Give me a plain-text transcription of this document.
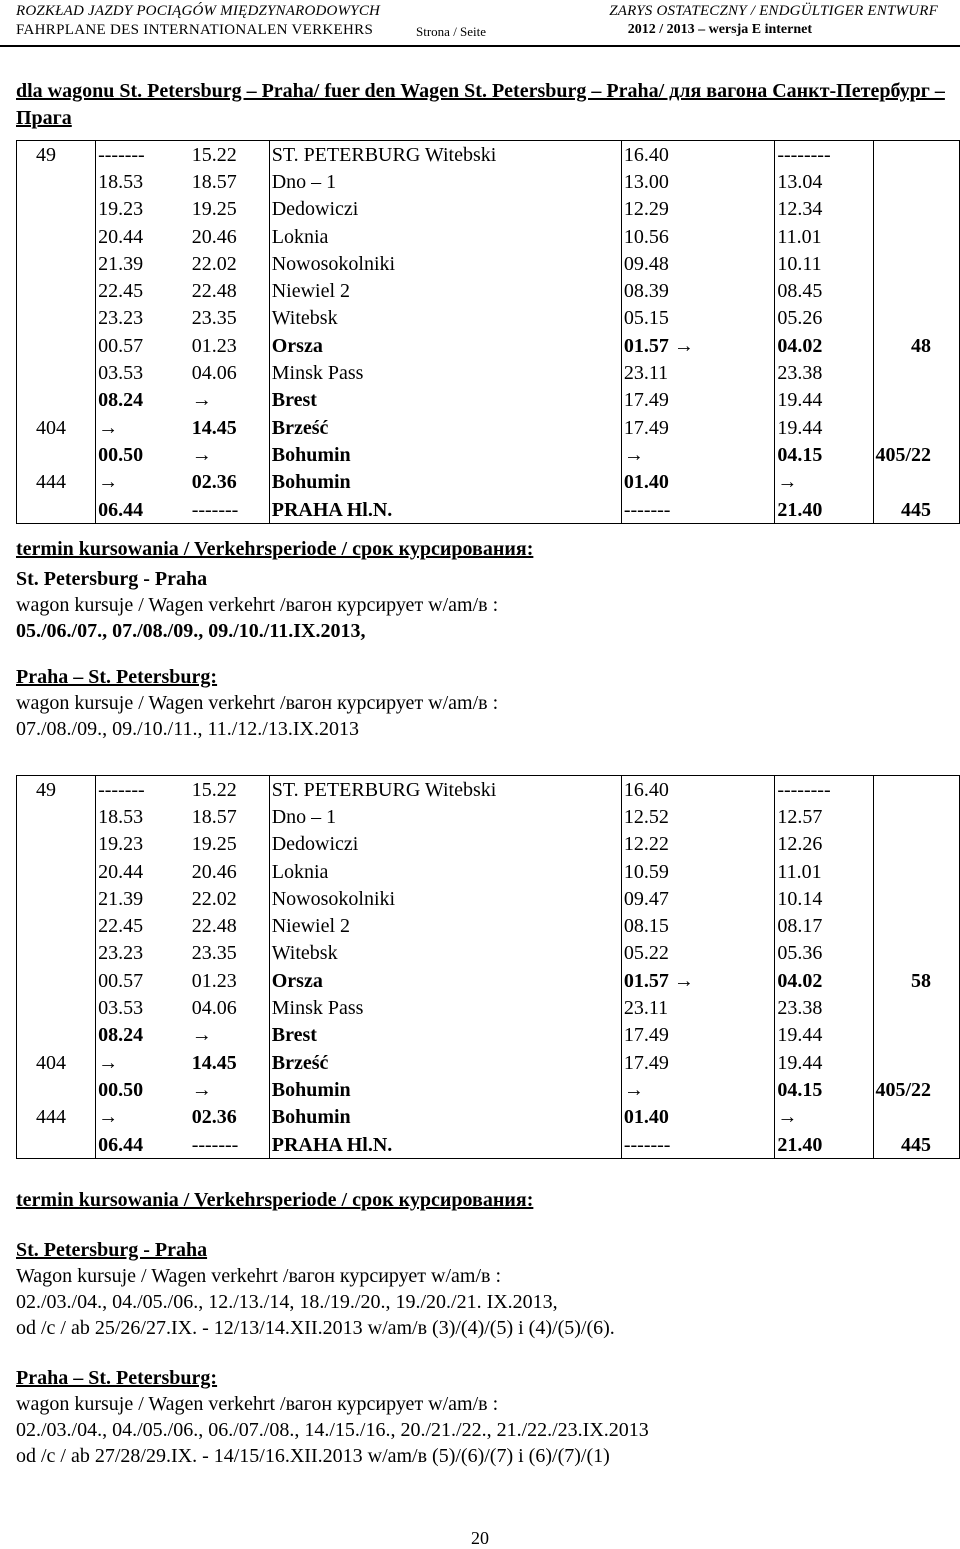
ROZKŁAD JAZDY POCIĄGÓW MIĘDZYNARODOWYCH
FAHRPLANE DES INTERNATIONALEN VERKEHRS	Strona / Seite
ZARYS OSTATECZNY / ENDGÜLTIGER ENTWURF
2012 / 2013 – wersja E internet
dla wagonu St. Petersburg – Praha/ fuer den Wagen St. Petersburg – Praha/ для вагона Санкт-Петербург – Прага
49	-------	15.22	ST. PETERBURG Witebski	16.40	--------	
	18.53	18.57	Dno – 1	13.00	13.04	
	19.23	19.25	Dedowiczi	12.29	12.34	
	20.44	20.46	Loknia	10.56	11.01	
	21.39	22.02	Nowosokolniki	09.48	10.11	
	22.45	22.48	Niewiel 2	08.39	08.45	
	23.23	23.35	Witebsk	05.15	05.26	
	00.57	01.23	Orsza	01.57 →	04.02	48
	03.53	04.06	Minsk Pass	23.11	23.38	
	08.24	→	Brest	17.49	19.44	
404	→	14.45	Brześć	17.49	19.44	
	00.50	→	Bohumin	→	04.15	405/22
444	→	02.36	Bohumin	01.40	→	
	06.44	-------	PRAHA Hl.N.	-------	21.40	445
termin kursowania / Verkehrsperiode / срок курсирования:
St. Petersburg - Praha
wagon kursuje / Wagen verkehrt /вагон курсирует w/am/в :
05./06./07., 07./08./09., 09./10./11.IX.2013,
Praha – St. Petersburg:
wagon kursuje / Wagen verkehrt /вагон курсирует w/am/в :
07./08./09., 09./10./11., 11./12./13.IX.2013
49	-------	15.22	ST. PETERBURG Witebski	16.40	--------	
	18.53	18.57	Dno – 1	12.52	12.57	
	19.23	19.25	Dedowiczi	12.22	12.26	
	20.44	20.46	Loknia	10.59	11.01	
	21.39	22.02	Nowosokolniki	09.47	10.14	
	22.45	22.48	Niewiel 2	08.15	08.17	
	23.23	23.35	Witebsk	05.22	05.36	
	00.57	01.23	Orsza	01.57 →	04.02	58
	03.53	04.06	Minsk Pass	23.11	23.38	
	08.24	→	Brest	17.49	19.44	
404	→	14.45	Brześć	17.49	19.44	
	00.50	→	Bohumin	→	04.15	405/22
444	→	02.36	Bohumin	01.40	→	
	06.44	-------	PRAHA Hl.N.	-------	21.40	445
termin kursowania / Verkehrsperiode / срок курсирования:
St. Petersburg - Praha
Wagon kursuje / Wagen verkehrt /вагон курсирует w/am/в :
02./03./04., 04./05./06., 12./13./14, 18./19./20., 19./20./21. IX.2013,
od /c / ab 25/26/27.IX. - 12/13/14.XII.2013 w/am/в (3)/(4)/(5) i (4)/(5)/(6).
Praha – St. Petersburg:
wagon kursuje / Wagen verkehrt /вагон курсирует w/am/в :
02./03./04., 04./05./06., 06./07./08., 14./15./16., 20./21./22., 21./22./23.IX.2013
od /c / ab 27/28/29.IX. - 14/15/16.XII.2013 w/am/в (5)/(6)/(7) i (6)/(7)/(1)
20
